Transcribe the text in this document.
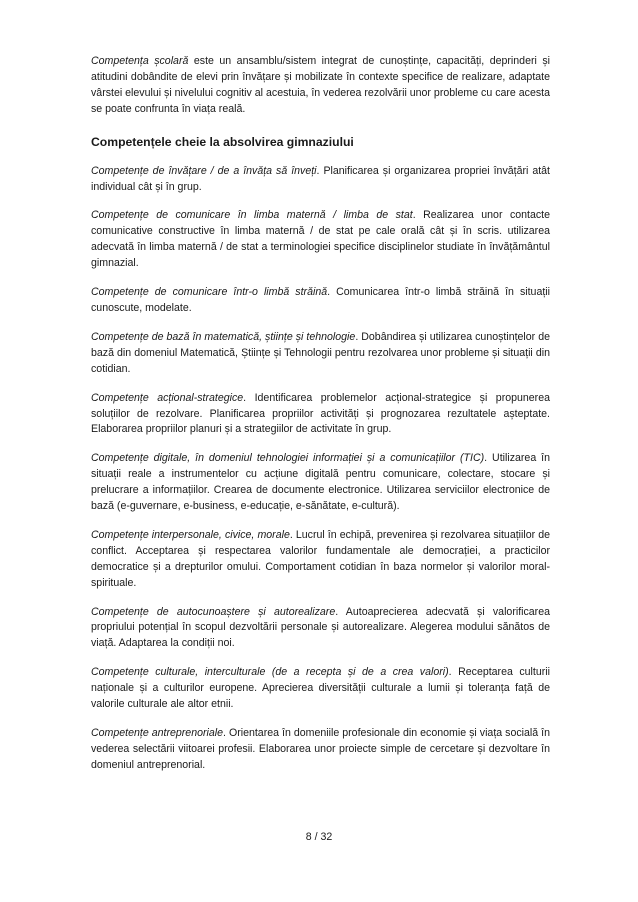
Competența școlară este un ansamblu/sistem integrat de cunoștințe, capacități, deprinderi și atitudini dobândite de elevi prin învățare și mobilizate în contexte specifice de realizare, adaptate vârstei elevului și nivelului cognitiv al acestuia, în vederea rezolvării unor probleme cu care acesta se poate confrunta în viața reală.

Competențele cheie la absolvirea gimnaziului

Competențe de învățare / de a învăța să înveți. Planificarea și organizarea propriei învățări atât individual cât și în grup.

Competențe de comunicare în limba maternă / limba de stat. Realizarea unor contacte comunicative constructive în limba maternă / de stat pe cale orală cât și în scris. utilizarea adecvată în limba maternă / de stat a terminologiei specifice disciplinelor studiate în învățământul gimnazial.

Competențe de comunicare într-o limbă străină. Comunicarea într-o limbă străină în situații cunoscute, modelate.

Competențe de bază în matematică, științe și tehnologie. Dobândirea și utilizarea cunoștințelor de bază din domeniul Matematică, Științe și Tehnologii pentru rezolvarea unor probleme și situații din cotidian.

Competențe acțional-strategice. Identificarea problemelor acțional-strategice și propunerea soluțiilor de rezolvare. Planificarea propriilor activități și prognozarea rezultatele așteptate. Elaborarea propriilor planuri și a strategiilor de activitate în grup.

Competențe digitale, în domeniul tehnologiei informației și a comunicațiilor (TIC). Utilizarea în situații reale a instrumentelor cu acțiune digitală pentru comunicare, colectare, stocare și prelucrare a informațiilor. Crearea de documente electronice. Utilizarea serviciilor electronice de bază (e-guvernare, e-business, e-educație, e-sănătate, e-cultură).

Competențe interpersonale, civice, morale. Lucrul în echipă, prevenirea și rezolvarea situațiilor de conflict. Acceptarea și respectarea valorilor fundamentale ale democrației, a practicilor democratice și a drepturilor omului. Comportament cotidian în baza normelor și valorilor moral-spirituale.

Competențe de autocunoaștere și autorealizare. Autoaprecierea adecvată și valorificarea propriului potențial în scopul dezvoltării personale și autorealizare. Alegerea modului sănătos de viață. Adaptarea la condiții noi.

Competențe culturale, interculturale (de a recepta și de a crea valori). Receptarea culturii naționale și a culturilor europene. Aprecierea diversității culturale a lumii și toleranța față de valorile culturale ale altor etnii.

Competențe antreprenoriale. Orientarea în domeniile profesionale din economie și viața socială în vederea selectării viitoarei profesii. Elaborarea unor proiecte simple de cercetare și dezvoltare în domeniul antreprenorial.

8 / 32
